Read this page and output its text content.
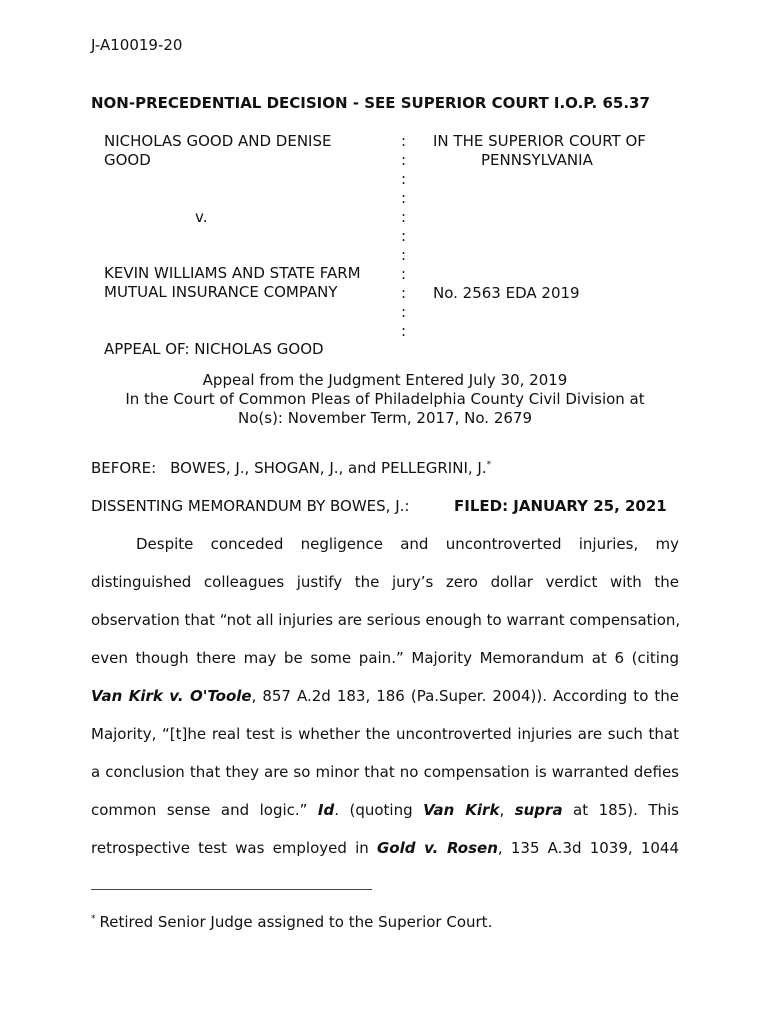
J-A10019-20
NON-PRECEDENTIAL DECISION - SEE SUPERIOR COURT I.O.P. 65.37
NICHOLAS GOOD AND DENISE
GOOD
v.
KEVIN WILLIAMS AND STATE FARM
MUTUAL INSURANCE COMPANY
APPEAL OF: NICHOLAS GOOD
:
:
:
:
:
:
:
:
:
:
:
IN THE SUPERIOR COURT OF
PENNSYLVANIA
No. 2563 EDA 2019
Appeal from the Judgment Entered July 30, 2019
In the Court of Common Pleas of Philadelphia County Civil Division at
No(s): November Term, 2017, No. 2679
BEFORE: BOWES, J., SHOGAN, J., and PELLEGRINI, J.*
DISSENTING MEMORANDUM BY BOWES, J.:	FILED: JANUARY 25, 2021
Despite conceded negligence and uncontroverted injuries, my
distinguished colleagues justify the jury’s zero dollar verdict with the
observation that “not all injuries are serious enough to warrant compensation,
even though there may be some pain.” Majority Memorandum at 6 (citing
Van Kirk v. O'Toole, 857 A.2d 183, 186 (Pa.Super. 2004)). According to the
Majority, “[t]he real test is whether the uncontroverted injuries are such that
a conclusion that they are so minor that no compensation is warranted defies
common sense and logic.” Id. (quoting Van Kirk, supra at 185). This
retrospective test was employed in Gold v. Rosen, 135 A.3d 1039, 1044
* Retired Senior Judge assigned to the Superior Court.
